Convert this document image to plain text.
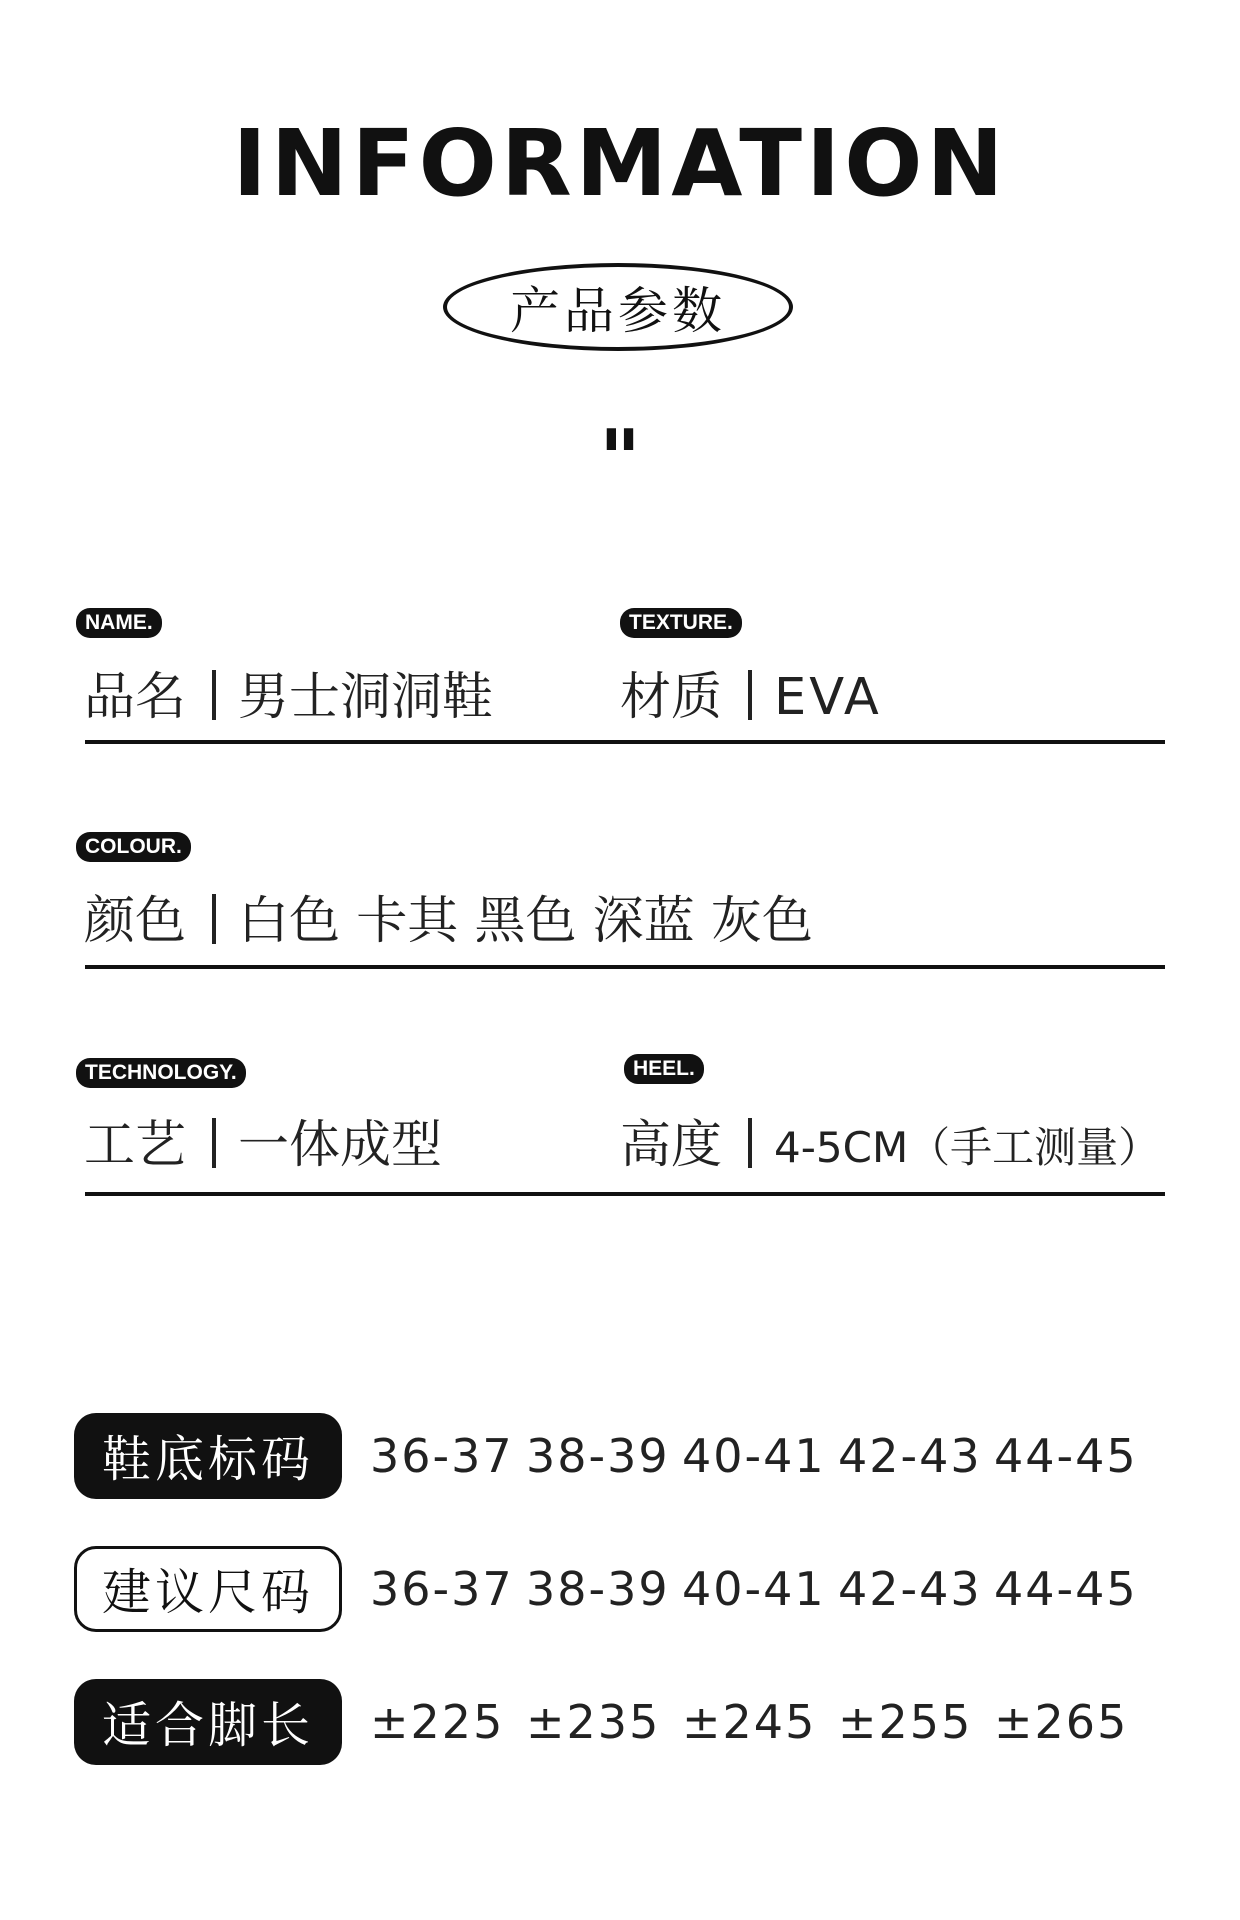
INFORMATION
产品参数
"
NAME.
品名 男士洞洞鞋
TEXTURE.
材质 EVA
COLOUR.
颜色 白色 卡其 黑色 深蓝 灰色
TECHNOLOGY.
工艺 一体成型
HEEL.
高度 4-5CM（手工测量）
鞋底标码	36-37 38-39 40-41 42-43 44-45
建议尺码	36-37 38-39 40-41 42-43 44-45
适合脚长	±225 ±235 ±245 ±255 ±265
